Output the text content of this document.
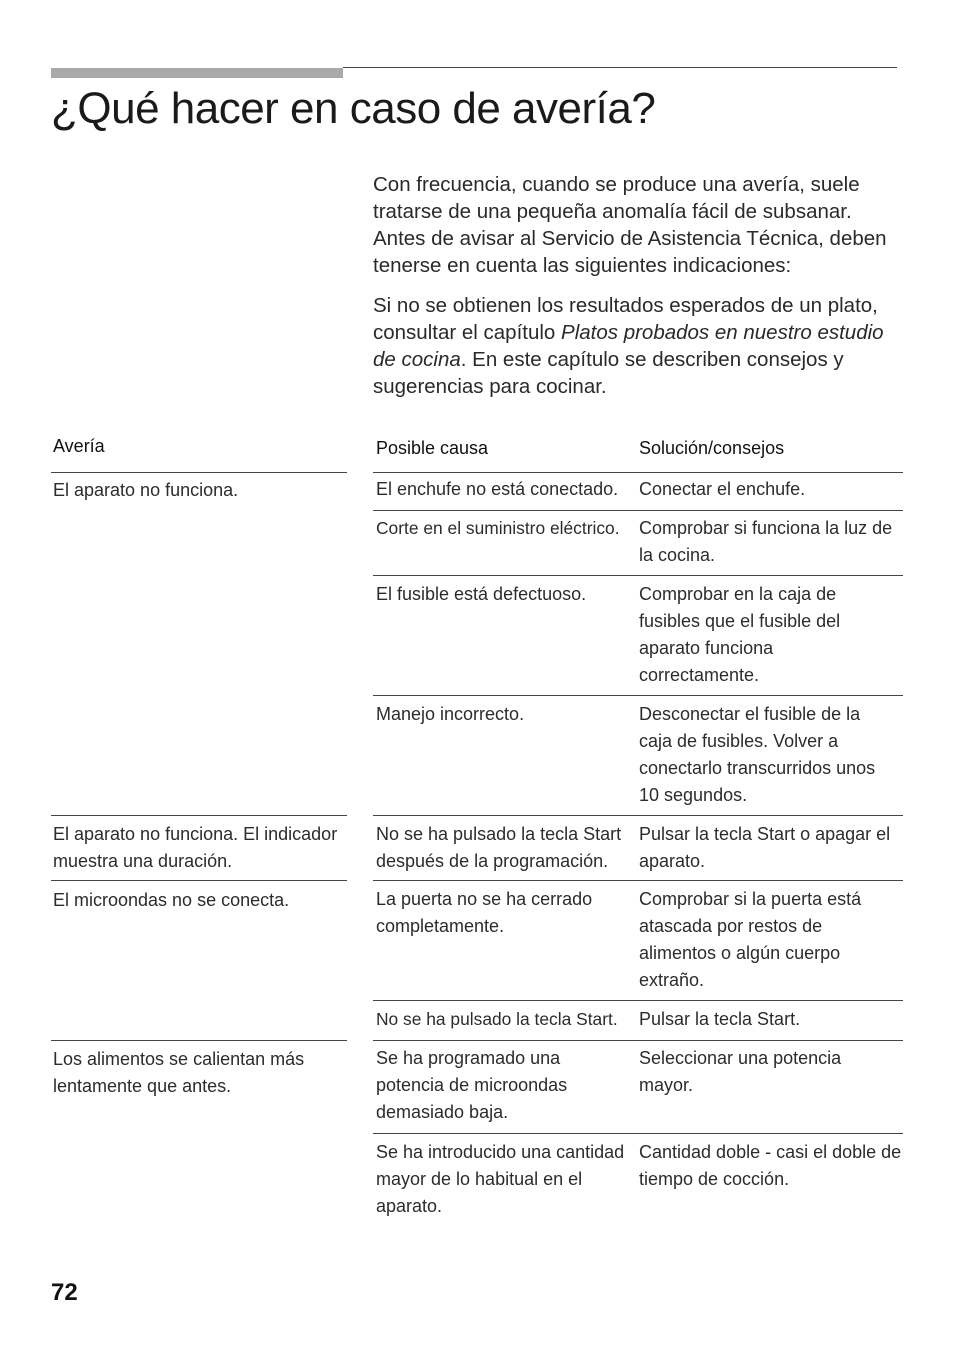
¿Qué hacer en caso de avería?

Con frecuencia, cuando se produce una avería, suele tratarse de una pequeña anomalía fácil de subsanar. Antes de avisar al Servicio de Asistencia Técnica, deben tenerse en cuenta las siguientes indicaciones:

Si no se obtienen los resultados esperados de un plato, consultar el capítulo Platos probados en nuestro estudio de cocina. En este capítulo se describen consejos y sugerencias para cocinar.

Avería	Posible causa	Solución/consejos
El aparato no funciona.
El aparato no funciona. El indicador muestra una duración.
El microondas no se conecta.
Los alimentos se calientan más lentamente que antes.
El enchufe no está conectado.
Corte en el suministro eléctrico.
El fusible está defectuoso.
Manejo incorrecto.
No se ha pulsado la tecla Start después de la programación.
La puerta no se ha cerrado completamente.
No se ha pulsado la tecla Start.
Se ha programado una potencia de microondas demasiado baja.
Se ha introducido una cantidad mayor de lo habitual en el aparato.
Conectar el enchufe.
Comprobar si funciona la luz de la cocina.
Comprobar en la caja de fusibles que el fusible del aparato funciona correctamente.
Desconectar el fusible de la caja de fusibles. Volver a conectarlo transcurridos unos 10 segundos.
Pulsar la tecla Start o apagar el aparato.
Comprobar si la puerta está atascada por restos de alimentos o algún cuerpo extraño.
Pulsar la tecla Start.
Seleccionar una potencia mayor.
Cantidad doble - casi el doble de tiempo de cocción.
72
